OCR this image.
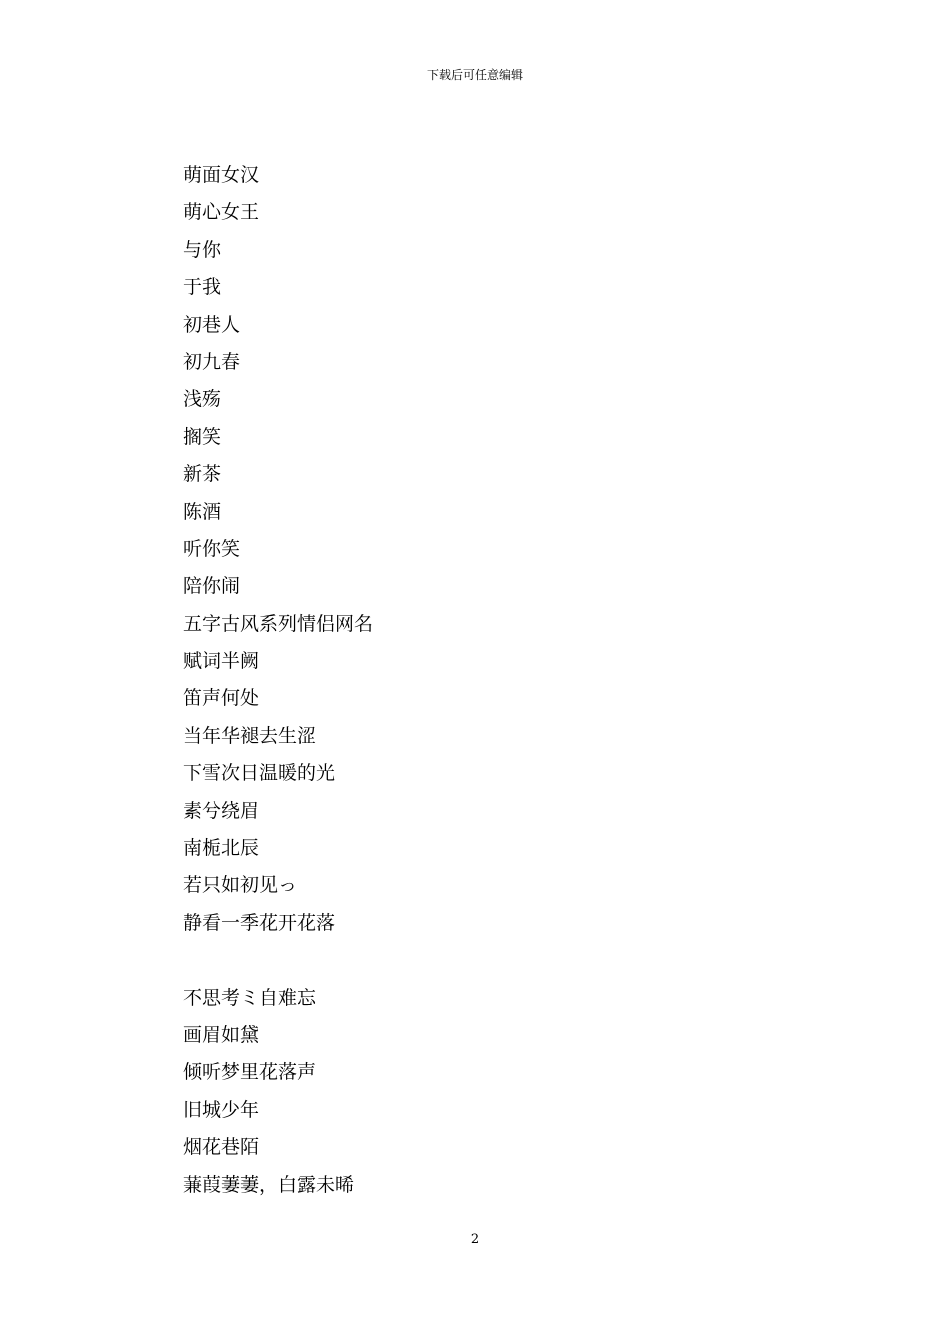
下载后可任意编辑
萌面女汉
萌心女王
与你
于我
初巷人
初九春
浅殇
搁笑
新茶
陈酒
听你笑
陪你闹
五字古风系列情侣网名
赋词半阙
笛声何处
当年华褪去生涩
下雪次日温暖的光
素兮绕眉
南栀北辰
若只如初见っ
静看一季花开花落
不思考ミ自难忘
画眉如黛
倾听梦里花落声
旧城少年
烟花巷陌
蒹葭萋萋，白露未晞
2
